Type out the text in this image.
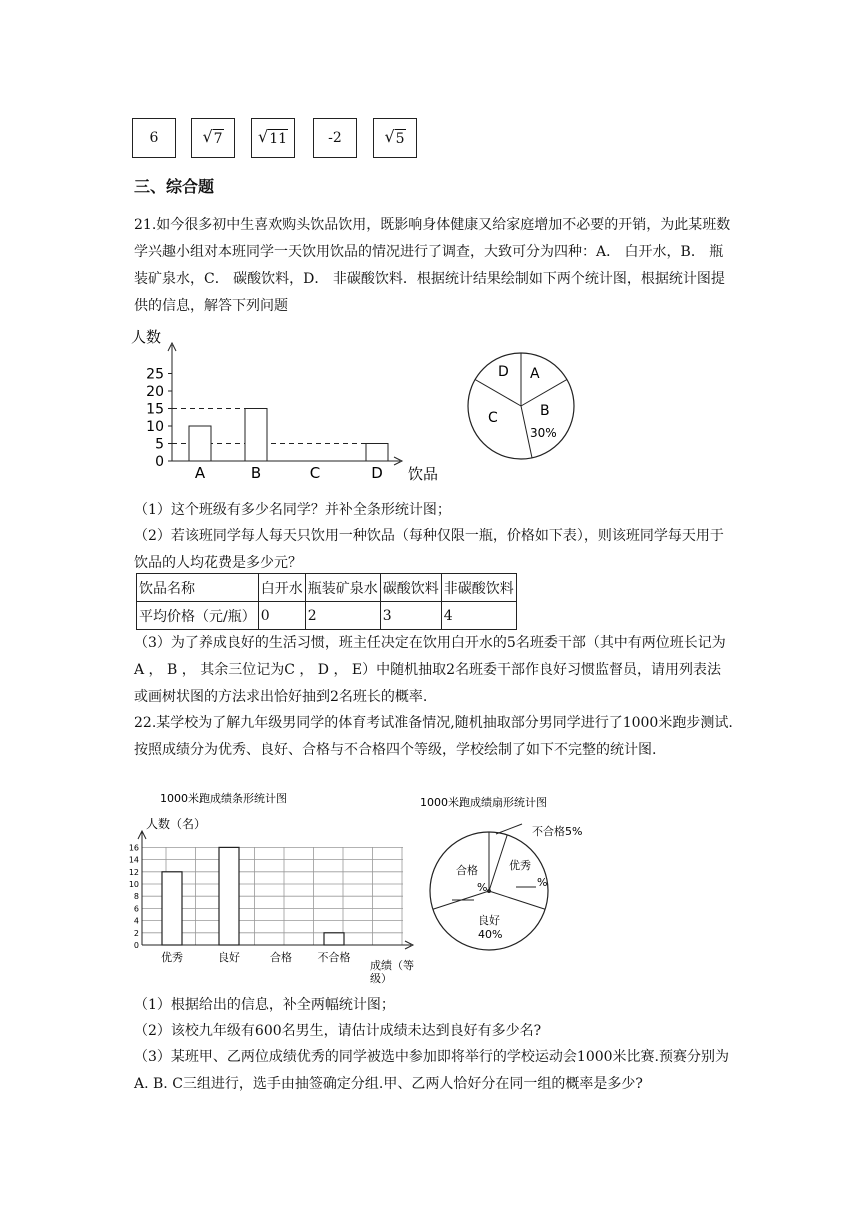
6	√ 7 √ 11	-2	√ 5
三、综合题
21.如今很多初中生喜欢购头饮品饮用，既影响身体健康又给家庭增加不必要的开销，为此某班数学兴趣小组对本班同学一天饮用饮品的情况进行了调查，大致可分为四种：A． 白开水，B． 瓶装矿泉水，C． 碳酸饮料，D． 非碳酸饮料．根据统计结果绘制如下两个统计图，根据统计图提供的信息，解答下列问题
人数
0
5
10
15
20
25
A	B	C	D 饮品
D A
B
30%
C
（1）这个班级有多少名同学？并补全条形统计图；
（2）若该班同学每人每天只饮用一种饮品（每种仅限一瓶，价格如下表），则该班同学每天用于饮品的人均花费是多少元？
饮品名称	白开水	瓶装矿泉水	碳酸饮料	非碳酸饮料
平均价格（元/瓶）	0	2	3	4
（3）为了养成良好的生活习惯，班主任决定在饮用白开水的5名班委干部（其中有两位班长记为A ， B ， 其余三位记为C ， D ， E）中随机抽取2名班委干部作良好习惯监督员，请用列表法或画树状图的方法求出恰好抽到2名班长的概率.
22.某学校为了解九年级男同学的体育考试准备情况,随机抽取部分男同学进行了1000米跑步测试.按照成绩分为优秀、良好、合格与不合格四个等级，学校绘制了如下不完整的统计图.
1000米跑成绩条形统计图
人数（名）
0
2
4
6
8
10
12
14
16
优秀	良好	合格 不合格
成绩（等
级）
1000米跑成绩扇形统计图
不合格5%
优秀
%
合格
%
良好
40%
（1）根据给出的信息，补全两幅统计图；
（2）该校九年级有600名男生，请估计成绩未达到良好有多少名?
（3）某班甲、乙两位成绩优秀的同学被选中参加即将举行的学校运动会1000米比赛.预赛分别为A. B. C三组进行，选手由抽签确定分组.甲、乙两人恰好分在同一组的概率是多少?
